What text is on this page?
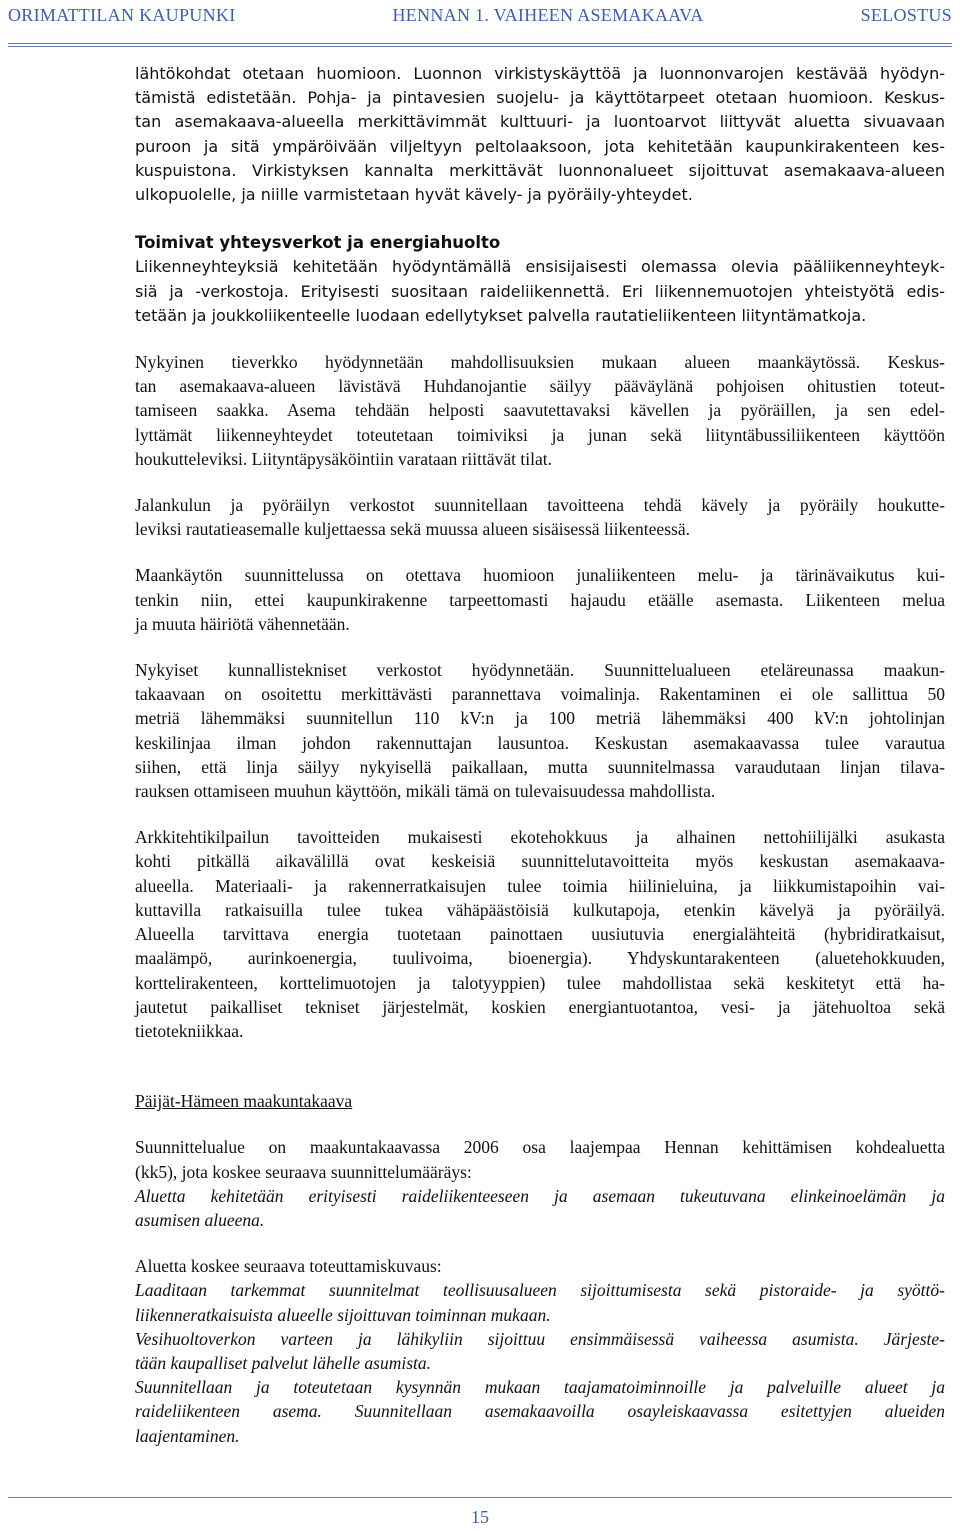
ORIMATTILAN KAUPUNKI	HENNAN 1. VAIHEEN ASEMAKAAVA	SELOSTUS

lähtökohdat otetaan huomioon. Luonnon virkistyskäyttöä ja luonnonvarojen kestävää hyödyn-
tämistä edistetään. Pohja- ja pintavesien suojelu- ja käyttötarpeet otetaan huomioon. Keskus-
tan asemakaava-alueella merkittävimmät kulttuuri- ja luontoarvot liittyvät aluetta sivuavaan
puroon ja sitä ympäröivään viljeltyyn peltolaaksoon, jota kehitetään kaupunkirakenteen kes-
kuspuistona. Virkistyksen kannalta merkittävät luonnonalueet sijoittuvat asemakaava-alueen
ulkopuolelle, ja niille varmistetaan hyvät kävely- ja pyöräily-yhteydet.

Toimivat yhteysverkot ja energiahuolto

Liikenneyhteyksiä kehitetään hyödyntämällä ensisijaisesti olemassa olevia pääliikenneyhteyk-
siä ja -verkostoja. Erityisesti suositaan raideliikennettä. Eri liikennemuotojen yhteistyötä edis-
tetään ja joukkoliikenteelle luodaan edellytykset palvella rautatieliikenteen liityntämatkoja.

Nykyinen tieverkko hyödynnetään mahdollisuuksien mukaan alueen maankäytössä. Keskus-
tan asemakaava-alueen lävistävä Huhdanojantie säilyy pääväylänä pohjoisen ohitustien toteut-
tamiseen saakka. Asema tehdään helposti saavutettavaksi kävellen ja pyöräillen, ja sen edel-
lyttämät liikenneyhteydet toteutetaan toimiviksi ja junan sekä liityntäbussiliikenteen käyttöön
houkutteleviksi. Liityntäpysäköintiin varataan riittävät tilat.

Jalankulun ja pyöräilyn verkostot suunnitellaan tavoitteena tehdä kävely ja pyöräily houkutte-
leviksi rautatieasemalle kuljettaessa sekä muussa alueen sisäisessä liikenteessä.

Maankäytön suunnittelussa on otettava huomioon junaliikenteen melu- ja tärinävaikutus kui-
tenkin niin, ettei kaupunkirakenne tarpeettomasti hajaudu etäälle asemasta. Liikenteen melua
ja muuta häiriötä vähennetään.

Nykyiset kunnallistekniset verkostot hyödynnetään. Suunnittelualueen eteläreunassa maakun-
takaavaan on osoitettu merkittävästi parannettava voimalinja. Rakentaminen ei ole sallittua 50
metriä lähemmäksi suunnitellun 110 kV:n ja 100 metriä lähemmäksi 400 kV:n johtolinjan
keskilinjaa ilman johdon rakennuttajan lausuntoa. Keskustan asemakaavassa tulee varautua
siihen, että linja säilyy nykyisellä paikallaan, mutta suunnitelmassa varaudutaan linjan tilava-
rauksen ottamiseen muuhun käyttöön, mikäli tämä on tulevaisuudessa mahdollista.

Arkkitehtikilpailun tavoitteiden mukaisesti ekotehokkuus ja alhainen nettohiilijälki asukasta
kohti pitkällä aikavälillä ovat keskeisiä suunnittelutavoitteita myös keskustan asemakaava-
alueella. Materiaali- ja rakennerratkaisujen tulee toimia hiilinieluina, ja liikkumistapoihin vai-
kuttavilla ratkaisuilla tulee tukea vähäpäästöisiä kulkutapoja, etenkin kävelyä ja pyöräilyä.
Alueella tarvittava energia tuotetaan painottaen uusiutuvia energialähteitä (hybridiratkaisut,
maalämpö, aurinkoenergia, tuulivoima, bioenergia). Yhdyskuntarakenteen (aluetehokkuuden,
korttelirakenteen, korttelimuotojen ja talotyyppien) tulee mahdollistaa sekä keskitetyt että ha-
jautetut paikalliset tekniset järjestelmät, koskien energiantuotantoa, vesi- ja jätehuoltoa sekä
tietotekniikkaa.

Päijät-Hämeen maakuntakaava

Suunnittelualue on maakuntakaavassa 2006 osa laajempaa Hennan kehittämisen kohdealuetta
(kk5), jota koskee seuraava suunnittelumääräys:
Aluetta kehitetään erityisesti raideliikenteeseen ja asemaan tukeutuvana elinkeinoelämän ja
asumisen alueena.

Aluetta koskee seuraava toteuttamiskuvaus:
Laaditaan tarkemmat suunnitelmat teollisuusalueen sijoittumisesta sekä pistoraide- ja syöttö-
liikenneratkaisuista alueelle sijoittuvan toiminnan mukaan.
Vesihuoltoverkon varteen ja lähikyliin sijoittuu ensimmäisessä vaiheessa asumista. Järjeste-
tään kaupalliset palvelut lähelle asumista.
Suunnitellaan ja toteutetaan kysynnän mukaan taajamatoiminnoille ja palveluille alueet ja
raideliikenteen asema. Suunnitellaan asemakaavoilla osayleiskaavassa esitettyjen alueiden
laajentaminen.

15
